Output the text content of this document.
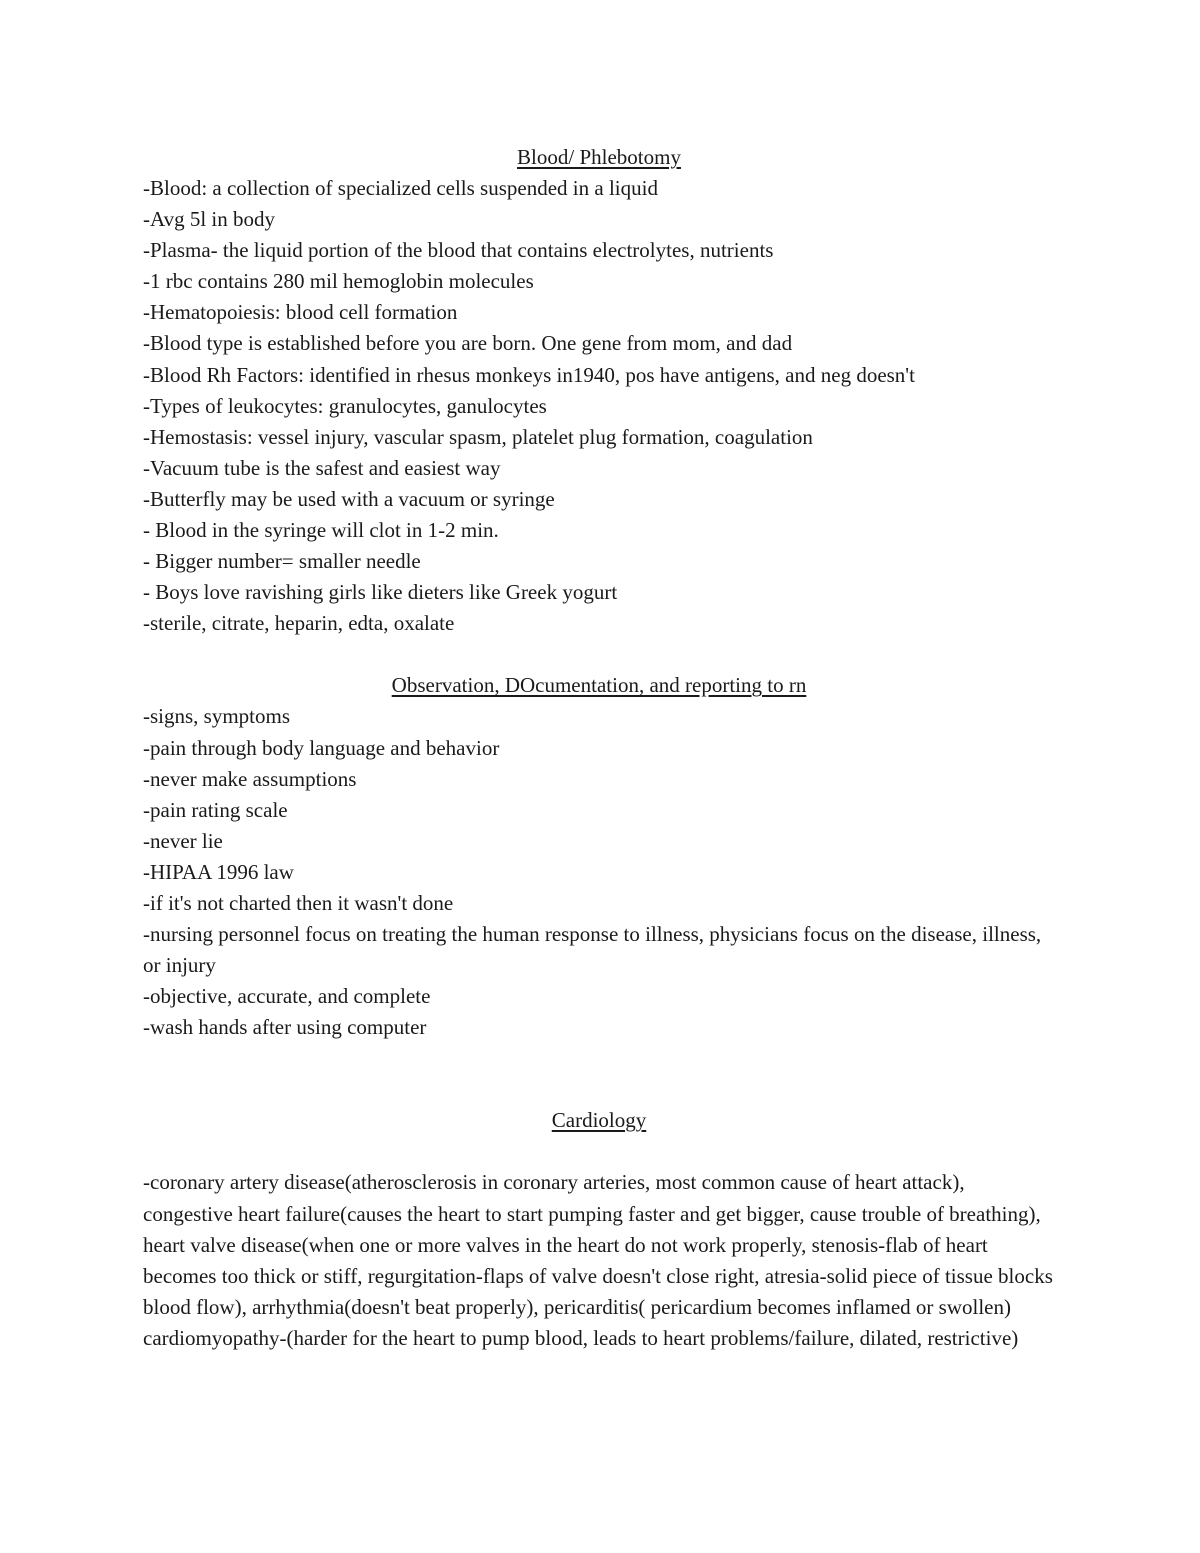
Blood/ Phlebotomy

-Blood: a collection of specialized cells suspended in a liquid

-Avg 5l in body

-Plasma- the liquid portion of the blood that contains electrolytes, nutrients

-1 rbc contains 280 mil hemoglobin molecules

-Hematopoiesis: blood cell formation

-Blood type is established before you are born. One gene from mom, and dad

-Blood Rh Factors: identified in rhesus monkeys in1940, pos have antigens, and neg doesn't

-Types of leukocytes: granulocytes, ganulocytes

-Hemostasis: vessel injury, vascular spasm, platelet plug formation, coagulation

-Vacuum tube is the safest and easiest way

-Butterfly may be used with a vacuum or syringe

- Blood in the syringe will clot in 1-2 min.

- Bigger number= smaller needle

- Boys love ravishing girls like dieters like Greek yogurt

-sterile, citrate, heparin, edta, oxalate

Observation, DOcumentation, and reporting to rn

-signs, symptoms

-pain through body language and behavior

-never make assumptions

-pain rating scale

-never lie

-HIPAA 1996 law

-if it's not charted then it wasn't done

-nursing personnel focus on treating the human response to illness, physicians focus on the disease, illness, or injury

-objective, accurate, and complete

-wash hands after using computer

Cardiology

-coronary artery disease(atherosclerosis in coronary arteries, most common cause of heart attack), congestive heart failure(causes the heart to start pumping faster and get bigger, cause trouble of breathing), heart valve disease(when one or more valves in the heart do not work properly, stenosis-flab of heart becomes too thick or stiff, regurgitation-flaps of valve doesn't close right, atresia-solid piece of tissue blocks blood flow), arrhythmia(doesn't beat properly), pericarditis( pericardium becomes inflamed or swollen) cardiomyopathy-(harder for the heart to pump blood, leads to heart problems/failure, dilated, restrictive)
